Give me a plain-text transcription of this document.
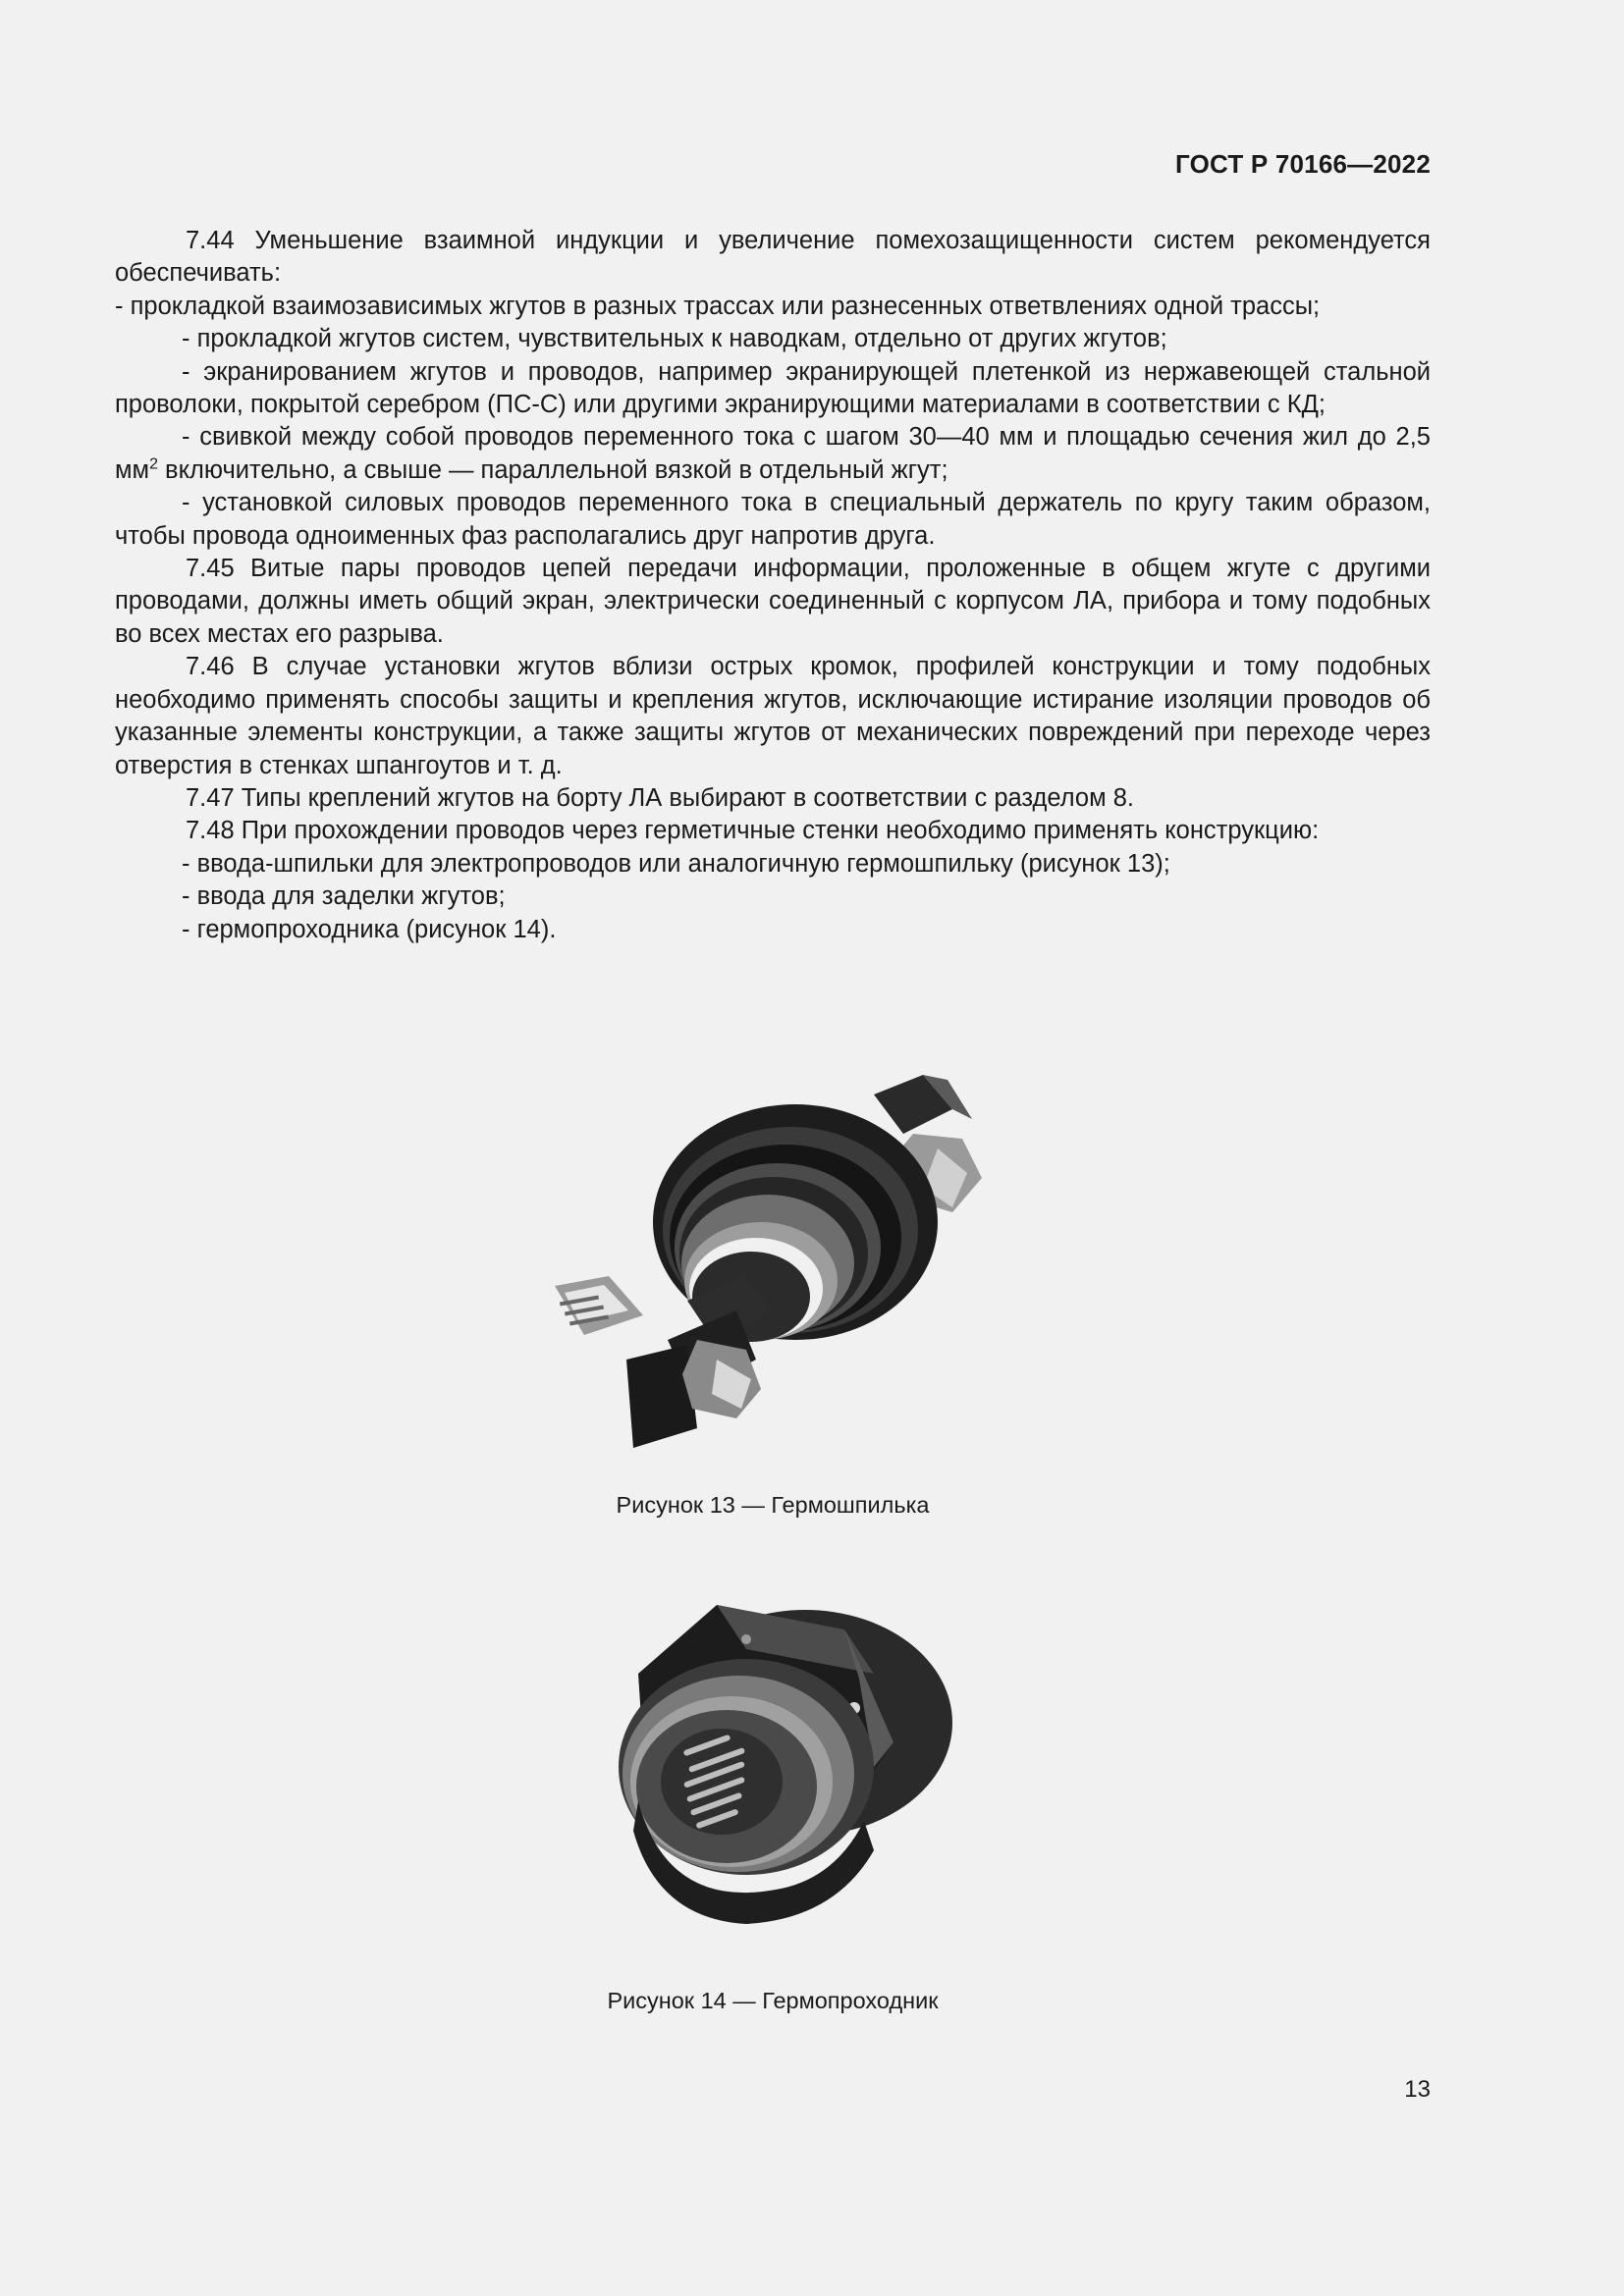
ГОСТ Р 70166—2022

7.44 Уменьшение взаимной индукции и увеличение помехозащищенности систем рекомендуется обеспечивать:

- прокладкой взаимозависимых жгутов в разных трассах или разнесенных ответвлениях одной трассы;

- прокладкой жгутов систем, чувствительных к наводкам, отдельно от других жгутов;

- экранированием жгутов и проводов, например экранирующей плетенкой из нержавеющей стальной проволоки, покрытой серебром (ПС-С) или другими экранирующими материалами в соответствии с КД;

- свивкой между собой проводов переменного тока с шагом 30—40 мм и площадью сечения жил до 2,5 $мм^2$ включительно, а свыше — параллельной вязкой в отдельный жгут;

- установкой силовых проводов переменного тока в специальный держатель по кругу таким образом, чтобы провода одноименных фаз располагались друг напротив друга.

7.45 Витые пары проводов цепей передачи информации, проложенные в общем жгуте с другими проводами, должны иметь общий экран, электрически соединенный с корпусом ЛА, прибора и тому подобных во всех местах его разрыва.

7.46 В случае установки жгутов вблизи острых кромок, профилей конструкции и тому подобных необходимо применять способы защиты и крепления жгутов, исключающие истирание изоляции проводов об указанные элементы конструкции, а также защиты жгутов от механических повреждений при переходе через отверстия в стенках шпангоутов и т. д.

7.47 Типы креплений жгутов на борту ЛА выбирают в соответствии с разделом 8.

7.48 При прохождении проводов через герметичные стенки необходимо применять конструкцию:

- ввода-шпильки для электропроводов или аналогичную гермошпильку (рисунок 13);

- ввода для заделки жгутов;

- гермопроходника (рисунок 14).

Рисунок 13 — Гермошпилька
Рисунок 14 — Гермопроходник
13
